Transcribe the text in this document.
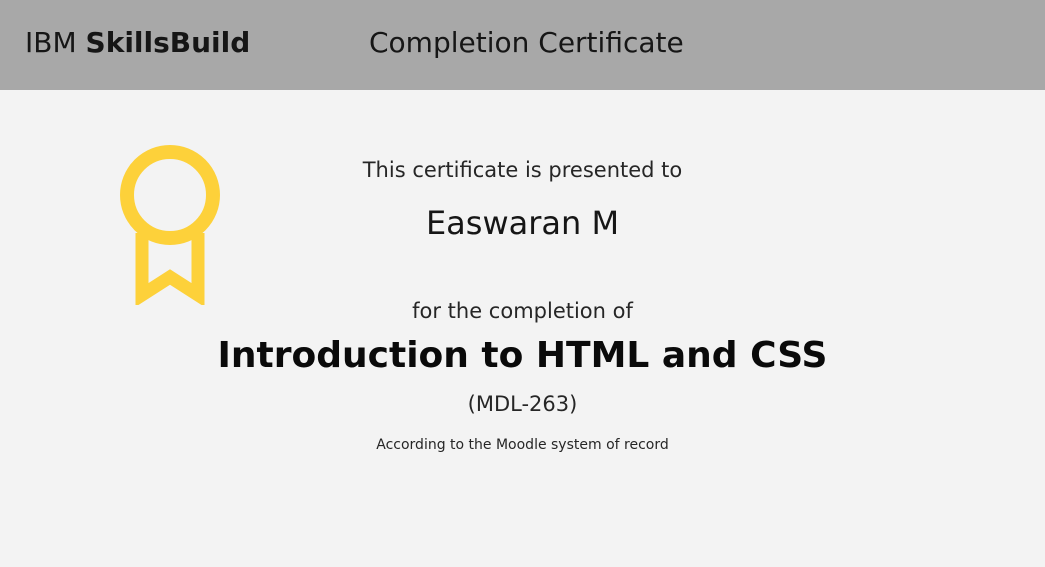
IBM SkillsBuild	Completion Certificate
This certificate is presented to
Easwaran M
for the completion of
Introduction to HTML and CSS
(MDL-263)
According to the Moodle system of record
